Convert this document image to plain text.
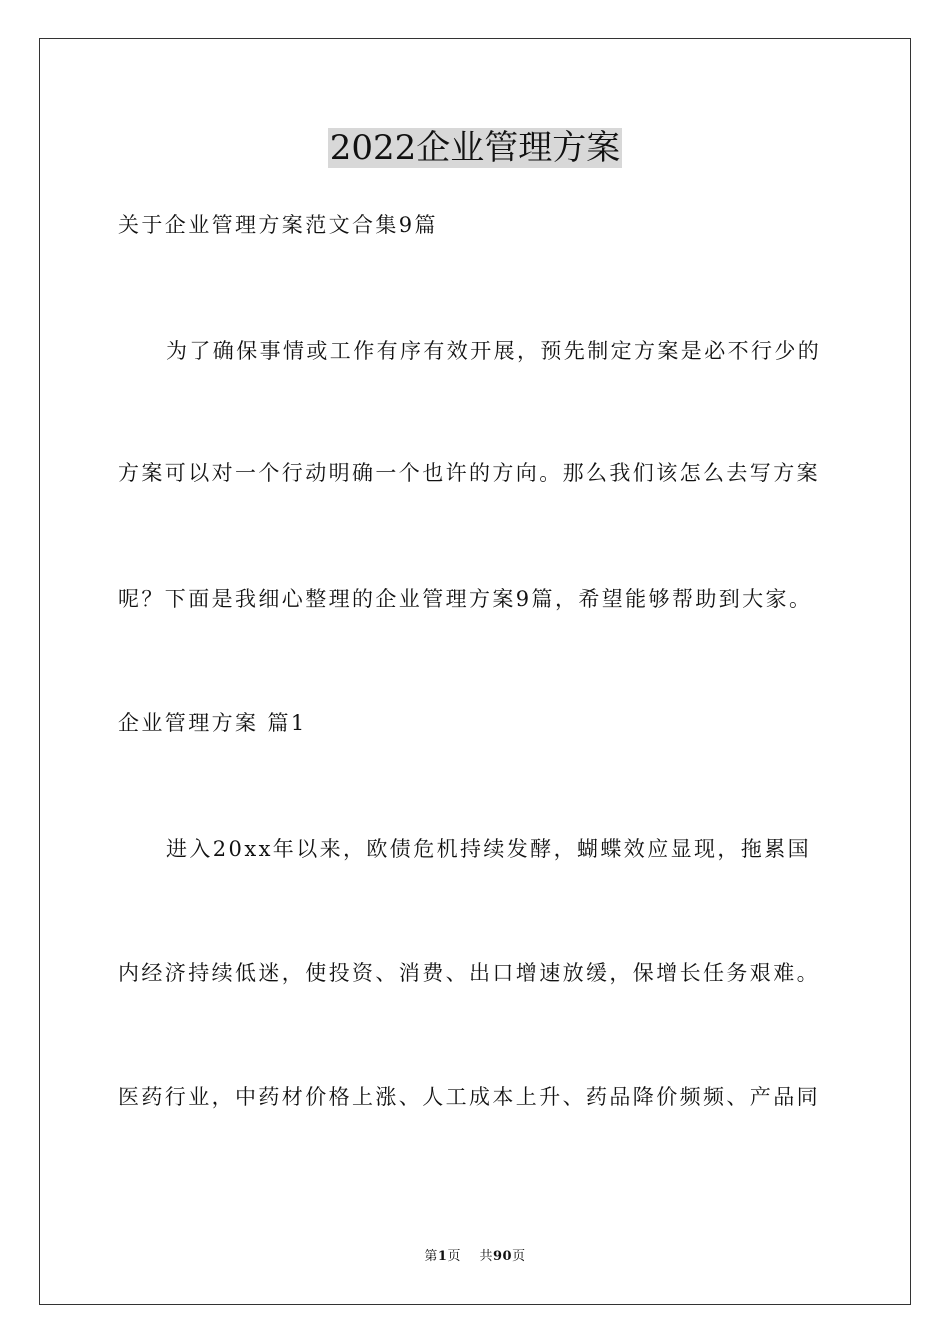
2022企业管理方案
关于企业管理方案范文合集9篇
为了确保事情或工作有序有效开展，预先制定方案是必不行少的
方案可以对一个行动明确一个也许的方向。那么我们该怎么去写方案
呢？下面是我细心整理的企业管理方案9篇，希望能够帮助到大家。
企业管理方案 篇1
进入20xx年以来，欧债危机持续发酵，蝴蝶效应显现，拖累国
内经济持续低迷，使投资、消费、出口增速放缓，保增长任务艰难。
医药行业，中药材价格上涨、人工成本上升、药品降价频频、产品同
第1页 共90页
